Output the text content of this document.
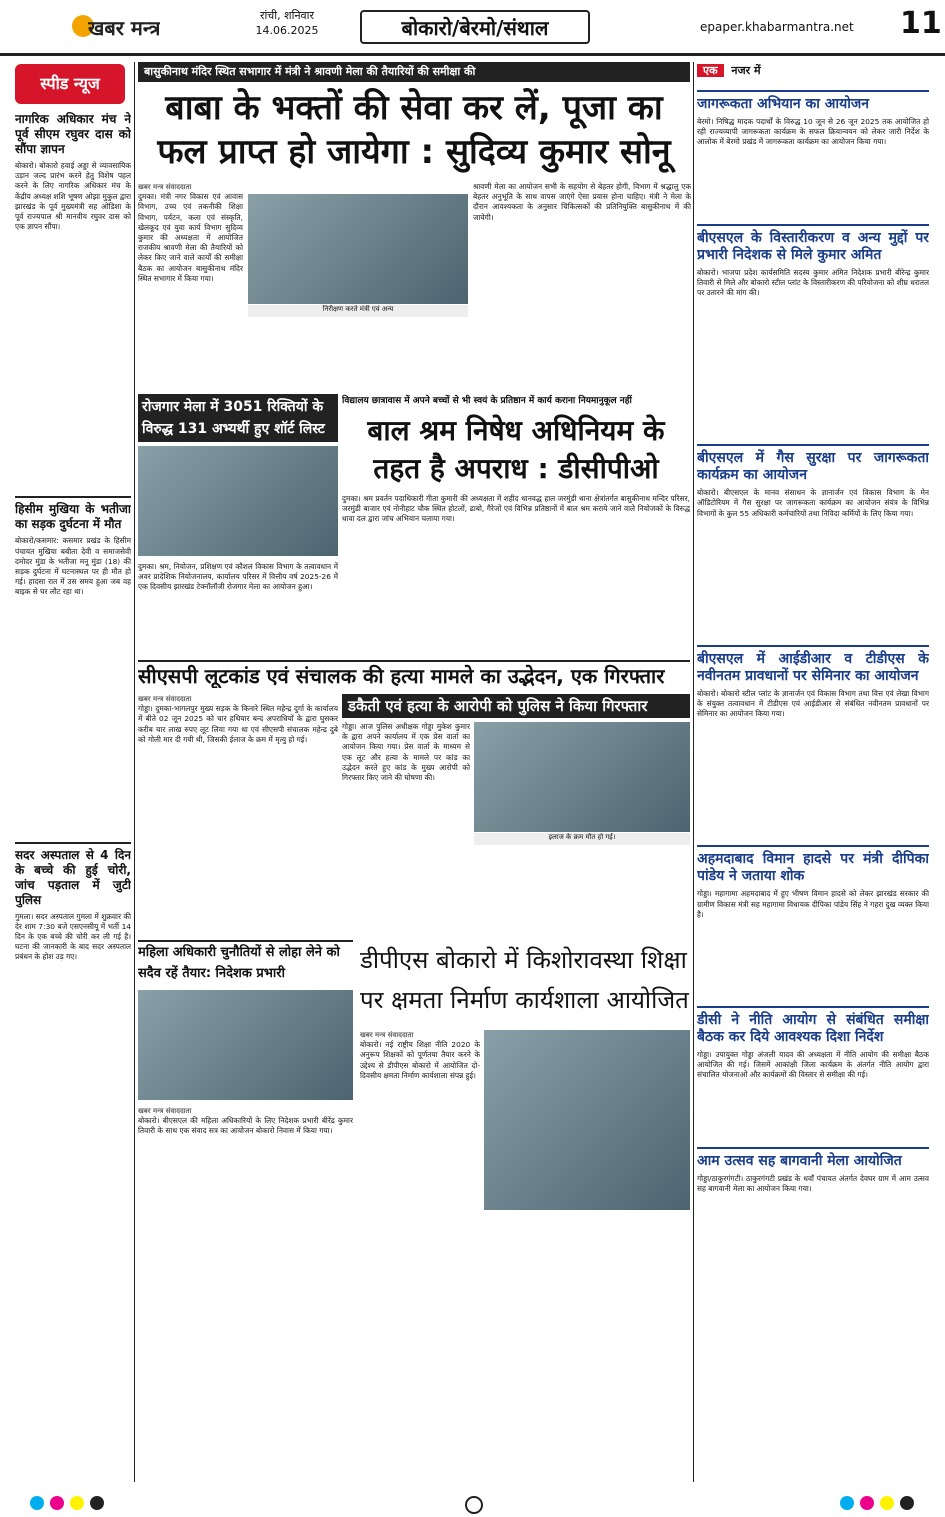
खबर मन्त्र
रांची, शनिवार
14.06.2025	बोकारो/बेरमो/संथाल	epaper.khabarmantra.net 11
स्पीड न्यूज
नागरिक अधिकार मंच ने पूर्व सीएम रघुवर दास को सौंपा ज्ञापन
बोकारो। बोकारो हवाई अड्डा से व्यावसायिक उड़ान जल्द प्रारंभ करने हेतु विशेष पहल करने के लिए नागरिक अधिकार मंच के केंद्रीय अध्यक्ष शशि भूषण ओझा मुकुल द्वारा झारखंड के पूर्व मुख्यमंत्री सह ओडिशा के पूर्व राज्यपाल श्री मानवीय रघुवर दास को एक ज्ञापन सौंपा।
हिसीम मुखिया के भतीजा का सड़क दुर्घटना में मौत
बोकारो/कसमार: कसमार प्रखंड के हिसीम पंचायत मुखिया बबीता देवी व समाजसेवी दमोदर मुंडा के भतीजा मनू मुंडा (18) की सड़क दुर्घटना में घटनास्थल पर ही मौत हो गई। हादसा रात में उस समय हुआ जब वह बाइक से घर लौट रहा था।
सदर अस्पताल से 4 दिन के बच्चे की हुई चोरी, जांच पड़ताल में जुटी पुलिस
गुमला। सदर अस्पताल गुमला में शुक्रवार की देर शाम 7:30 बजे एसएनसीयू में भर्ती 14 दिन के एक बच्चे की चोरी कर ली गई है। घटना की जानकारी के बाद सदर अस्पताल प्रबंधन के होश उड़ गए।
बासुकीनाथ मंदिर स्थित सभागार में मंत्री ने श्रावणी मेला की तैयारियों की समीक्षा की
बाबा के भक्तों की सेवा कर लें, पूजा का फल प्राप्त हो जायेगा : सुदिव्य कुमार सोनू
खबर मन्त्र संवाददाता
दुमका। मंत्री नगर विकास एवं आवास विभाग, उच्च एवं तकनीकी शिक्षा विभाग, पर्यटन, कला एवं संस्कृति, खेलकूद एवं युवा कार्य विभाग सुदिव्य कुमार की अध्यक्षता में आयोजित राजकीय श्रावणी मेला की तैयारियों को लेकर किए जाने वाले कार्यों की समीक्षा बैठक का आयोजन बासुकीनाथ मंदिर स्थित सभागार में किया गया।
निरीक्षण करते मंत्री एवं अन्य
श्रावणी मेला का आयोजन सभी के सहयोग से बेहतर होगी, विभाग में श्रद्धालु एक बेहतर अनुभूति के साथ वापस जाएंगे ऐसा प्रयास होना चाहिए। मंत्री ने मेला के दौरान आवश्यकता के अनुसार चिकित्सकों की प्रतिनियुक्ति बासुकीनाथ में की जायेगी।
रोजगार मेला में 3051 रिक्तियों के विरुद्ध 131 अभ्यर्थी हुए शॉर्ट लिस्ट
दुमका। श्रम, नियोजन, प्रशिक्षण एवं कौशल विकास विभाग के तत्वावधान में अवर प्रादेशिक नियोजनालय, कार्यालय परिसर में वित्तीय वर्ष 2025-26 में एक दिवसीय झारखंड टेक्नॉलॉजी रोजगार मेला का आयोजन हुआ।
विद्यालय छात्रावास में अपने बच्चों से भी स्वयं के प्रतिष्ठान में कार्य कराना नियमानुकूल नहीं
बाल श्रम निषेध अधिनियम के तहत है अपराध : डीसीपीओ
दुमका। श्रम प्रवर्तन पदाधिकारी गीता कुमारी की अध्यक्षता में शहीद थानवद्ध हाल जरमुंडी थाना क्षेत्रांतर्गत बासुकीनाथ मन्दिर परिसर, जरमुंडी बाजार एवं नोनीहाट चौक स्थित होटलों, ढाबो, गैरेजों एवं विभिन्न प्रतिष्ठानों में बाल श्रम कराये जाने वाले नियोजकों के विरुद्ध धावा दल द्वारा जांच अभियान चलाया गया।
सीएसपी लूटकांड एवं संचालक की हत्या मामले का उद्भेदन, एक गिरफ्तार
खबर मन्त्र संवाददाता
गोड्डा। दुमका-भागलपुर मुख्य सड़क के किनारे स्थित महेन्द्र दुर्गा के कार्यालय में बीते 02 जून 2025 को चार हथियार बन्द अपराधियों के द्वारा घुसकर करीब चार लाख रुपए लूट लिया गया था एवं सीएसपी संचालक महेन्द्र दुबे को गोली मार दी गयी थी, जिसकी ईलाज के क्रम में मृत्यु हो गई।
डकैती एवं हत्या के आरोपी को पुलिस ने किया गिरफ्तार
गोड्डा। आज पुलिस अधीक्षक गोड्डा मुकेश कुमार के द्वारा अपने कार्यालय में एक प्रेस वार्ता का आयोजन किया गया। प्रेस वार्ता के माध्यम से एक लूट और हत्या के मामले पर कांड का उद्भेदन करते हुए कांड के मुख्य आरोपी को गिरफ्तार किए जाने की घोषणा की।
इलाज के क्रम मौत हो गई।
महिला अधिकारी चुनौतियों से लोहा लेने को सदैव रहें तैयार: निदेशक प्रभारी
खबर मन्त्र संवाददाता
बोकारो। बीएसएल की महिला अधिकारियों के लिए निदेशक प्रभारी बीरेंद्र कुमार तिवारी के साथ एक संवाद सत्र का आयोजन बोकारो निवास में किया गया।
डीपीएस बोकारो में किशोरावस्था शिक्षा पर क्षमता निर्माण कार्यशाला आयोजित
खबर मन्त्र संवाददाता
बोकारो। नई राष्ट्रीय शिक्षा नीति 2020 के अनुरूप शिक्षकों को पूर्णतया तैयार करने के उद्देश्य से डीपीएस बोकारो में आयोजित दो-दिवसीय क्षमता निर्माण कार्यशाला संपन्न हुई।
एक नजर में
जागरूकता अभियान का आयोजन
बेरमो। निषिद्ध मादक पदार्थों के विरुद्ध 10 जून से 26 जून 2025 तक आयोजित हो रही राज्यव्यापी जागरूकता कार्यक्रम के सफल क्रियान्वयन को लेकर जारी निर्देश के आलोक में बेरमो प्रखंड में जागरूकता कार्यक्रम का आयोजन किया गया।
बीएसएल के विस्तारीकरण व अन्य मुद्दों पर प्रभारी निदेशक से मिले कुमार अमित
बोकारो। भाजपा प्रदेश कार्यसमिति सदस्य कुमार अमित निदेशक प्रभारी बीरेन्द्र कुमार तिवारी से मिले और बोकारो स्टील प्लांट के विस्तारीकरण की परियोजना को शीघ्र धरातल पर उतारने की मांग की।
बीएसएल में गैस सुरक्षा पर जागरूकता कार्यक्रम का आयोजन
बोकारो। बीएसएल के मानव संसाधन के ज्ञानार्जन एवं विकास विभाग के मेन ऑडिटोरियम में गैस सुरक्षा पर जागरूकता कार्यक्रम का आयोजन संयंत्र के विभिन्न विभागों के कुल 55 अधिकारी कर्मचारियों तथा निविदा कर्मियों के लिए किया गया।
बीएसएल में आईडीआर व टीडीएस के नवीनतम प्रावधानों पर सेमिनार का आयोजन
बोकारो। बोकारो स्टील प्लांट के ज्ञानार्जन एवं विकास विभाग तथा वित्त एवं लेखा विभाग के संयुक्त तत्वावधान में टीडीएस एवं आईडीआर से संबंधित नवीनतम प्रावधानों पर सेमिनार का आयोजन किया गया।
अहमदाबाद विमान हादसे पर मंत्री दीपिका पांडेय ने जताया शोक
गोड्डा। महागामा अहमदाबाद में हुए भीषण विमान हादसे को लेकर झारखंड सरकार की ग्रामीण विकास मंत्री सह महागामा विधायक दीपिका पांडेय सिंह ने गहरा दुख व्यक्त किया है।
डीसी ने नीति आयोग से संबंधित समीक्षा बैठक कर दिये आवश्यक दिशा निर्देश
गोड्डा। उपायुक्त गोड्डा अंजली यादव की अध्यक्षता में नीति आयोग की समीक्षा बैठक आयोजित की गई। जिसमें आकांक्षी जिला कार्यक्रम के अंतर्गत नीति आयोग द्वारा संचालित योजनाओं और कार्यक्रमों की विस्तार से समीक्षा की गई।
आम उत्सव सह बागवानी मेला आयोजित
गोड्डा/ठाकुरगंगटी। ठाकुरगंगटी प्रखंड के धवाँ पंचायत अंतर्गत देवघर ग्राम में आम उत्सव सह बागवानी मेला का आयोजन किया गया।
